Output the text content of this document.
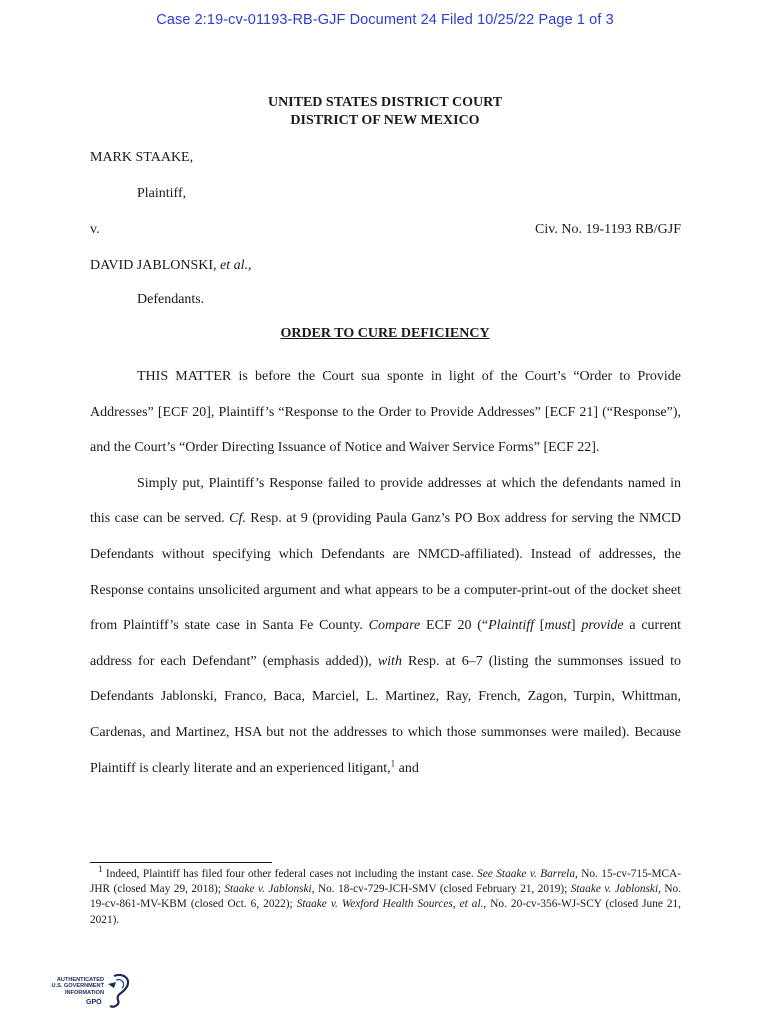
Case 2:19-cv-01193-RB-GJF Document 24 Filed 10/25/22 Page 1 of 3
UNITED STATES DISTRICT COURT
DISTRICT OF NEW MEXICO
MARK STAAKE,
Plaintiff,
v.	Civ. No. 19-1193 RB/GJF
DAVID JABLONSKI, et al.,
Defendants.
ORDER TO CURE DEFICIENCY

THIS MATTER is before the Court sua sponte in light of the Court’s “Order to Provide Addresses” [ECF 20], Plaintiff’s “Response to the Order to Provide Addresses” [ECF 21] (“Response”), and the Court’s “Order Directing Issuance of Notice and Waiver Service Forms” [ECF 22].

Simply put, Plaintiff’s Response failed to provide addresses at which the defendants named in this case can be served. Cf. Resp. at 9 (providing Paula Ganz’s PO Box address for serving the NMCD Defendants without specifying which Defendants are NMCD-affiliated). Instead of addresses, the Response contains unsolicited argument and what appears to be a computer-print-out of the docket sheet from Plaintiff’s state case in Santa Fe County. Compare ECF 20 (“Plaintiff [must] provide a current address for each Defendant” (emphasis added)), with Resp. at 6–7 (listing the summonses issued to Defendants Jablonski, Franco, Baca, Marciel, L. Martinez, Ray, French, Zagon, Turpin, Whittman, Cardenas, and Martinez, HSA but not the addresses to which those summonses were mailed). Because Plaintiff is clearly literate and an experienced litigant,$^1$ and

$^1$ Indeed, Plaintiff has filed four other federal cases not including the instant case. See Staake v. Barrela, No. 15-cv-715-MCA-JHR (closed May 29, 2018); Staake v. Jablonski, No. 18-cv-729-JCH-SMV (closed February 21, 2019); Staake v. Jablonski, No. 19-cv-861-MV-KBM (closed Oct. 6, 2022); Staake v. Wexford Health Sources, et al., No. 20-cv-356-WJ-SCY (closed June 21, 2021).
AUTHENTICATED
U.S. GOVERNMENT
INFORMATION
GPO
